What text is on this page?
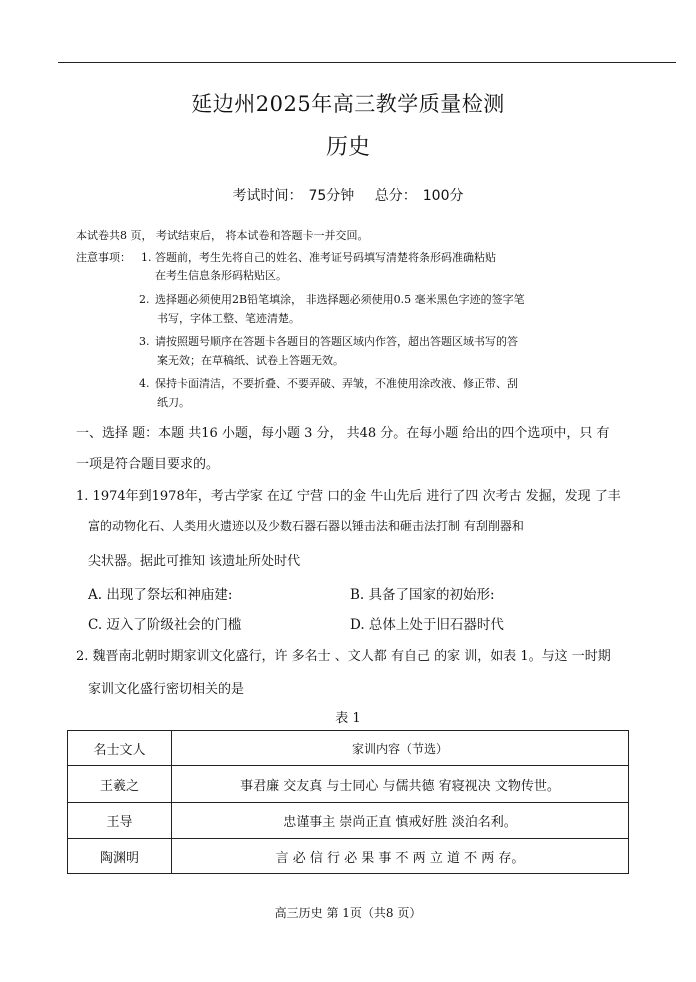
延边州2025年高三教学质量检测
历史
考试时间： 75分钟 总分： 100分
本试卷共8 页， 考试结束后， 将本试卷和答题卡一并交回。
注意事项： 1. 答题前，考生先将自己的姓名、准考证号码填写清楚将条形码准确粘贴
在考生信息条形码粘贴区。
2. 选择题必须使用2B铅笔填涂， 非选择题必须使用0.5 毫米黑色字迹的签字笔
书写，字体工整、笔迹清楚。
3. 请按照题号顺序在答题卡各题目的答题区域内作答，超出答题区域书写的答
案无效；在草稿纸、试卷上答题无效。
4. 保持卡面清洁，不要折叠、不要弄破、弄皱，不准使用涂改液、修正带、刮
纸刀。
一、选择 题：本题 共16 小题，每小题 3 分， 共48 分。在每小题 给出的四个选项中，只 有
一项是符合题目要求的。
1. 1974年到1978年，考古学家 在辽 宁营 口的金 牛山先后 进行了四 次考古 发掘，发现 了丰
富的动物化石、人类用火遗迹以及少数石器石器以锤击法和砸击法打制 有刮削器和
尖状器。据此可推知 该遗址所处时代
A. 出现了祭坛和神庙建:	B. 具备了国家的初始形:
C. 迈入了阶级社会的门槛	D. 总体上处于旧石器时代
2. 魏晋南北朝时期家训文化盛行，许 多名士 、文人都 有自己 的家 训，如表 1。与这 一时期
家训文化盛行密切相关的是
表 1
名士文人	家训内容（节选）
王羲之	事君廉 交友真 与士同心 与儒共德 宥寝视决 文物传世。
王导	忠谨事主 崇尚正直 慎戒好胜 淡泊名利。
陶渊明	言 必 信 行 必 果 事 不 两 立 道 不 两 存。
高三历史 第 1页（共8 页）
